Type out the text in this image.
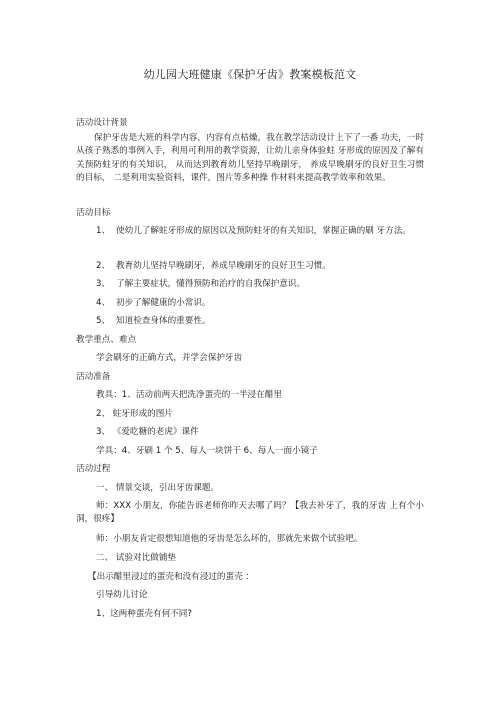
幼儿园大班健康《保护牙齿》教案模板范文
活动设计背景
保护牙齿是大班的科学内容，内容有点枯燥，我在教学活动设计上下了一番 功夫，一时从孩子熟悉的事例入手，利用可利用的教学资源，让幼儿亲身体验蛀 牙形成的原因及了解有关预防蛀牙的有关知识， 从而达到教育幼儿坚持早晚刷牙， 养成早晚刷牙的良好卫生习惯的目标， 二是利用实验资料，课件，图片等多种操 作材料来提高教学效率和效果。
活动目标
1、 使幼儿了解蛀牙形成的原因以及预防蛀牙的有关知识，掌握正确的刷 牙方法。
2、 教育幼儿坚持早晚刷牙，养成早晚刷牙的良好卫生习惯。
3、 了解主要症状，懂得预防和治疗的自我保护意识。
4、 初步了解健康的小常识。
5、 知道检查身体的重要性。
教学重点、难点
学会刷牙的正确方式，并学会保护牙齿
活动准备
教具：1、活动前两天把洗净蛋壳的一半浸在醋里
2、 蛀牙形成的图片
3、 《爱吃糖的老虎》课件
学具：4、牙刷 1 个 5、每人一块饼干 6、每人一面小镜子
活动过程
一、 情景交谈，引出牙齿课题。
师：XXX 小朋友，你能告诉老师你昨天去哪了吗？【我去补牙了，我的牙齿 上有个小洞，很疼】
师：小朋友肯定很想知道他的牙齿是怎么坏的，那就先来做个试验吧。
二、 试验对比做铺垫
【出示醋里浸过的蛋壳和没有浸过的蛋壳 ：
引导幼儿讨论
1、这两种蛋壳有何不同?
